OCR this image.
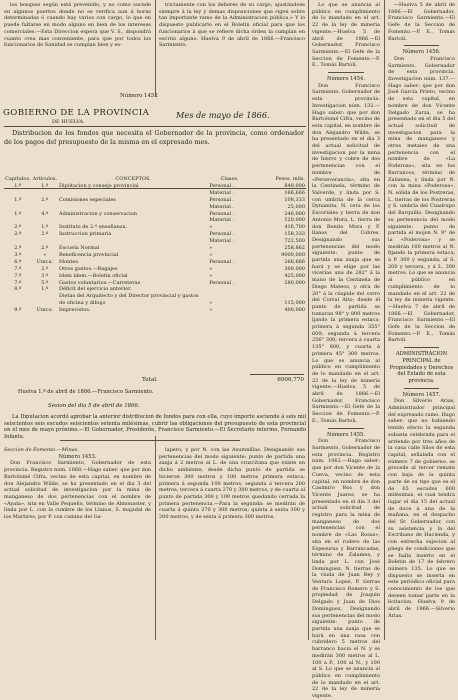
los bosques según está prevenido, y no como sucede en algunos puertos donde no se verifica aun á horas determinadas ó cuando hay varios con cargo, lo que en puede faltarse en modo alguno en bien de los intereses comerciales.—Esta Direccion espera que V. S., dispondrá cuanto crea mas conveniente, para que por todos los funcionarios de Sanidad se cumplan bien y es-

trictamente con los deberes de su cargo, ajustándose siempre á la ley y demas disposiciones que rigen sobre tan importante ramo de la Administracion pública.» Y lo dispuesto publicarlo en el Boletin oficial para que los funcionarios á que se refiere dicha órden la cumplan en escrito alguno. Huelva 9 de abril de 1866.—Francisco Sarmiento.

Número 1452
GOBIERNO DE LA PROVINCIA
DE HUELVA.
Mes de mayo de 1866.
Distribucion de los fondos que necesita el Gobernador de la provincia, como ordenador de los pagos del presupuesto de la misma en el expresado mes.
Capítulos.	Artículos.	CONCEPTOS.	Clases.	Pesos. mils.
1.º	1.º	Dipútacion y consejo provincial	Personal .	840,000
			Material .	166,666
1.º	2.º	Comisiones especiales	Personal .	108,333
			Material .	25,000
1.º	4.º	Administracion y conservacion	Personal .	248,000
			Material .	120,000
2.º	1.º	Instituto de 2.ª enseñanza.	»	416,700
2.º	2.º	Instruccion primaria	Personal .	158,333
			Material .	722,500
2.º	2.º	Escuela Normal	»	258,862
3.º	»	Beneficencia provincial	»	9000,000
6.º	Única.	Montes	Personal .	266,666
7.º	2.º	Otros gastos.—Bagajes	»	300,000
7.º	3.º	Idem idem.—Boletín oficial	»	425,000
7.º	5.º	Gastos voluntarios.—Carreteras	Personal .	280,000
8.º	1.º	Déficit del ejercicio anterior.		
		Dietas del Arquitecto y del Director provincial y gastos		
		de oficina y dibujo	»	115,000
9.º	Único.	Imprevistos.	»	400,000
Total.	6006,770
Huelva 1.º de abril de 1866.—Francisco Sarmiento.
Sesion del dia 5 de abril de 1866.
La Diputacion acordó aprobar la anterior distribucion de fondos para con ella, cuyo importe asciende á seis mil seiscientos seis escudos seiscientos setenta milésimas, cubrir las obligaciones del presupuesto de esta provincial en el mes de mayo próximo.—El Gobernador, Presidente, Francisco Sarmiento.—El Secretario interino, Fernando Infante.

Seccion de Fomento.—Minas.

Número 1453.

Don Francisco Sarmiento, Gobernador de esta provincia. Registro num. 1068.—Hago saber: que por don Bartolomé Cifra, vecino de esta capital, en nombre de don Alejandro Wilde, se ha presentado en el dia 3 del actual solicitud de investigacion por la mina de manganeso de dos pertenencias con el nombre de «Ayala», sita en Valle Pequeño, término de Almonaster, y linda por L. con la cumbre de los Llanos, S. majadal de los Martires, por P. con camino del Ga-

lapero; y por N. con las Asumnillas. Designando sus pertenencias del modo siguiente: punto de partida una zanja á 2 metros al L. de una cruzcitana que existe en dicho ambiente; desde dicha punto de partida se hicieron 300 metros y 100 metros primera estaca; primera á segunda 100 metros; segunda á tercera 200 metros; tercera á cuarta 270 y 300 metros, y de cuarta al punto de partida 300 y 100 metros quedando cerrada la primera pertenencia.—Para la segunda: se medirán de cuarta á quinta 270 y 300 metros; quinta á sexta 300 y 200 metros, y de sexta á primera 300 metros.

Lo que se anuncia al público en cumplimiento de lo mandado en el art. 22 de la ley de mineria vigente.—Huelva 5 de abril de 1866.—El Gobernador, Francisco Sarmiento.—El Gefe de la Seccion de Fomento.—P. E., Tomás Bartoli.

Número 1454.

Don Francisco Sarmiento, Gobernador de esta provincia. Investigacion núm. 132.—Hago saber: que por don Bartolomé Cifra, vecino de esta capital, en nombre de don Alejandro Wilde, se ha presentado en el dia 3 del actual solicitud de investigacion por la mina de hierro y cobre de dos pertenencias con el nombre de «Perseverancia», sita en la Centinela, término de Valverde, y linda por S. con umbria de la cerca Dynamita, N. cera de los Escoriales y tierra de don Antonio Mora, L. tierra de don Benito Mora y P. llanos del Cobres. Designando sus pertenencias del modo siguiente: punto de partida una zanja que se hará y se elige por las vicerías una de 282° á la mano de la Centinela de Diego Mateos, y otra de 20° á la cúspide del cerro del Corral Alto; desde él punto de partida se tomaran 98° y 800 metros ljando la primera estaca; primera á segunda 355° 600; segunda á tercera 256° 300; tercera á cuarta 135° 600, y cuarta á primera 45° 300 metros. Lo que se anuncia al público en cumplimiento de lo mandado en el art. 22 de la ley de mineria vigente.—Huelva 5 de abril de 1866.—El Gobernador, Francisco Sarmiento.—El Gefe de la Seccion de Fomento.—P. E., Tomás Bartoli.

Número 1455.

Don Francisco Sarmiento, Gobernador de esta provincia. Registro núm. 1062.—Hago saber: que por don Vicente de la Cueva, vecino de esta capital, en nombre de don Casimiro Ros y don Vicente Juarez, se ha presentado en el dia 3 del actual solicitud de registro para la mina de manganeso de dos pertenencias con el nombre de «Las Rosas», sita en el rodero de las Espesuras y Barrancadas, término de Zalamea, y linda por L. con José Dominguez, N. tierras de la viuda de Juan Rey y Ventura Lopez, P. tierras de Francisco Romero y S. propiedad de Joaquin Delgado y Juan de Dios Dominguez. Designando sus pertenencias del modo siguiente: punto de partida una zanja que se hará en una rasa con cubridero 5 metros del barranco hacia el N. y se medirán 300 metros al L. 100 á P., 100 al N., y 100 al S. Lo que se anuncia al público en cumplimiento de lo mandado en el art. 22 de la ley de mineria vigente.

—Huelva 5 de abril de 1866.—El Gobernador, Francisco Sarmiento.—El Gefe de la Seccion de Fomento.—P. E., Tomás Bartoli.

Número 1456.

Don Francisco Sarmiento, Gobernador de esta provincia. Investigacion núm. 137.—Hago saber: que por don José Garcia Prieto, vecino de esta capital, en nombre de don Vicente Delgado Zarza, se ha presentado en el dia 5 del actual solicitud de investigacion para la mina de manganeso y otros metales de una pertenencia con el nombre de «La Poderosa», sita en los Barrancos, término de Zalamea, y linda por N. con la mina «Poderosa», N. sólida de los Postreras, L. tierras de los Postreras y S. umbría del Cuadrupo del Barquillo. Designando su pertenencia del modo siguiente: punto de partida el mojon N. 9° de la «Poderosa» y se medirán 100 metros al N. fijando la primera estaca; á P. 300 y segunda; al S. 200 y tercera, y á L. 300 metros. Lo que se anuncia al público en cumplimiento de lo mandado en el art. 22 de la ley de mineria vigente.—Huelva 7 de abril de 1866.—El Gobernador, Francisco Sarmiento.—El Gefe de la Seccion de Fomento.—P. E., Tomás Bartoli.

ADMINISTRACION PRINCIPAL de Propiedades y Derechos del Estado de esta provincia.

Número 1457.

Don Silverio Arias, Administrador principal del expresado ramo. Hago saber: que no habiendo tenido efecto la segunda subasta celebrada para el arriendo por tres años de la casa calle Silos de esta capital, señalada con el número 7 de gobierno, se procede al tercer remate con baja de la quinta parte de su tipo que es el de 65 escudos 600 milésimas, el cual tendrá lugar el dia 15 del actual de doce á una de la mañana, en el despacho del Sr. Gobernador, con su asistencia y la del Escribano de Hacienda, y con estrecha sujecion al pliego de condiciones que se halla inserto en el Boletin de 17 de febrero número 135. Lo que se dispuesto se inserta en este periódico oficial para conocimiento de los que deseen tomar parte en la licitacion. Huelva 9 de abril de 1866.—Silverio Arias.
